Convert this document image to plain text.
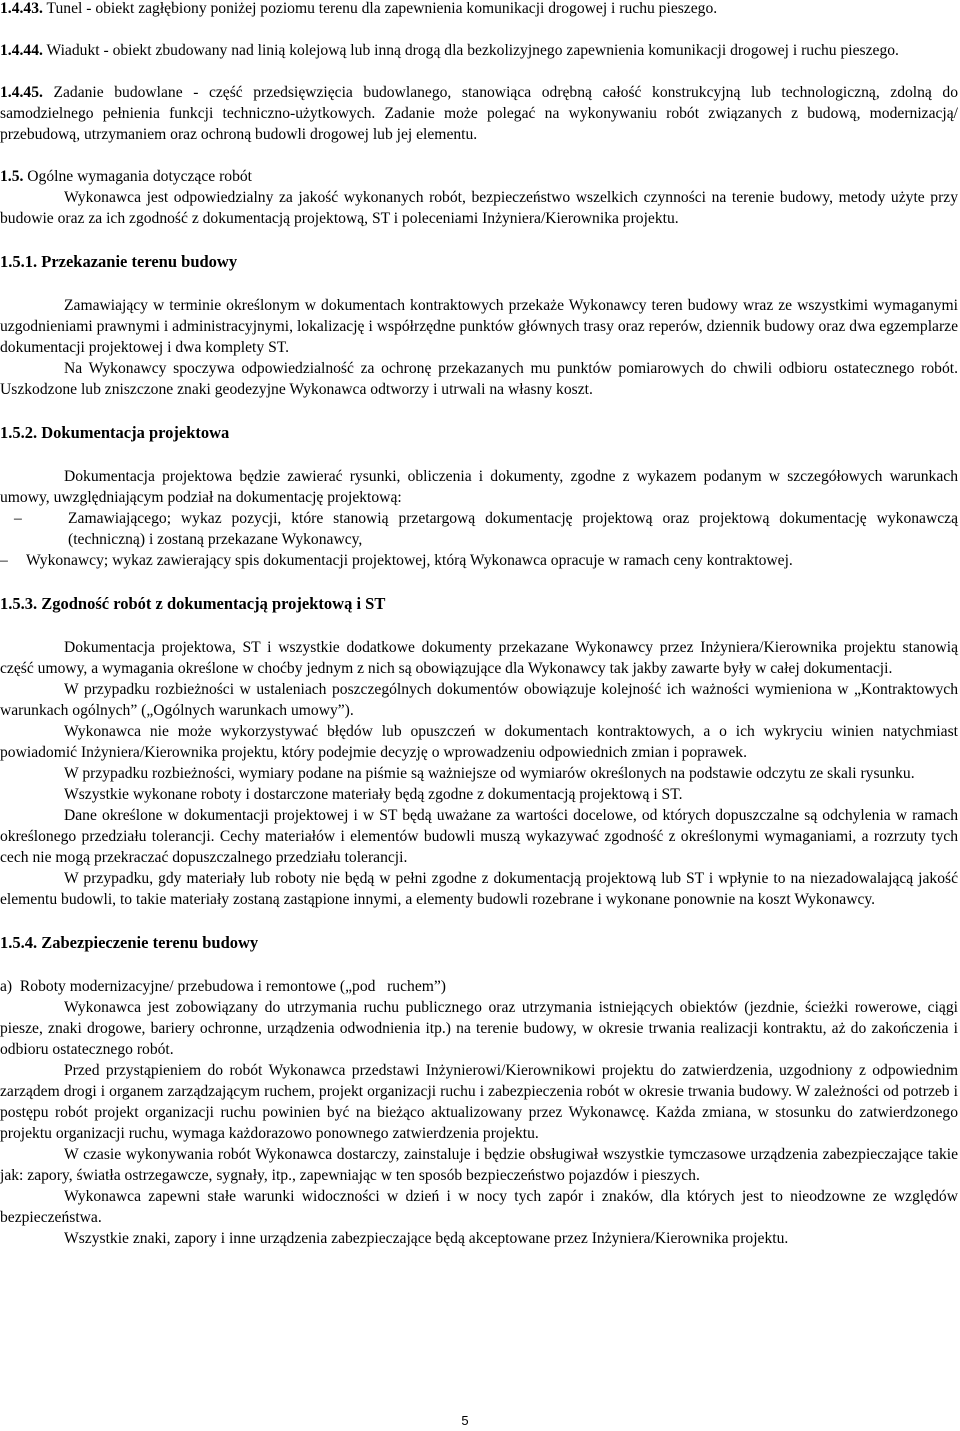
1.4.43. Tunel - obiekt zagłębiony poniżej poziomu terenu dla zapewnienia komunikacji drogowej i ruchu pieszego.

1.4.44. Wiadukt - obiekt zbudowany nad linią kolejową lub inną drogą dla bezkolizyjnego zapewnienia komunikacji drogowej i ruchu pieszego.

1.4.45. Zadanie budowlane - część przedsięwzięcia budowlanego, stanowiąca odrębną całość konstrukcyjną lub technologiczną, zdolną do samodzielnego pełnienia funkcji techniczno-użytkowych. Zadanie może polegać na wykonywaniu robót związanych z budową, modernizacją/ przebudową, utrzymaniem oraz ochroną budowli drogowej lub jej elementu.

1.5. Ogólne wymagania dotyczące robót

Wykonawca jest odpowiedzialny za jakość wykonanych robót, bezpieczeństwo wszelkich czynności na terenie budowy, metody użyte przy budowie oraz za ich zgodność z dokumentacją projektową, ST i poleceniami Inżyniera/Kierownika projektu.

1.5.1. Przekazanie terenu budowy

Zamawiający w terminie określonym w dokumentach kontraktowych przekaże Wykonawcy teren budowy wraz ze wszystkimi wymaganymi uzgodnieniami prawnymi i administracyjnymi, lokalizację i współrzędne punktów głównych trasy oraz reperów, dziennik budowy oraz dwa egzemplarze dokumentacji projektowej i dwa komplety ST.

Na Wykonawcy spoczywa odpowiedzialność za ochronę przekazanych mu punktów pomiarowych do chwili odbioru ostatecznego robót. Uszkodzone lub zniszczone znaki geodezyjne Wykonawca odtworzy i utrwali na własny koszt.

1.5.2. Dokumentacja projektowa

Dokumentacja projektowa będzie zawierać rysunki, obliczenia i dokumenty, zgodne z wykazem podanym w szczegółowych warunkach umowy, uwzględniającym podział na dokumentację projektową:

–	Zamawiającego; wykaz pozycji, które stanowią przetargową dokumentację projektową oraz projektową dokumentację wykonawczą (techniczną) i zostaną przekazane Wykonawcy,
– Wykonawcy; wykaz zawierający spis dokumentacji projektowej, którą Wykonawca opracuje w ramach ceny kontraktowej.
1.5.3. Zgodność robót z dokumentacją projektową i ST

Dokumentacja projektowa, ST i wszystkie dodatkowe dokumenty przekazane Wykonawcy przez Inżyniera/Kierownika projektu stanowią część umowy, a wymagania określone w choćby jednym z nich są obowiązujące dla Wykonawcy tak jakby zawarte były w całej dokumentacji.

W przypadku rozbieżności w ustaleniach poszczególnych dokumentów obowiązuje kolejność ich ważności wymieniona w „Kontraktowych warunkach ogólnych” („Ogólnych warunkach umowy”).

Wykonawca nie może wykorzystywać błędów lub opuszczeń w dokumentach kontraktowych, a o ich wykryciu winien natychmiast powiadomić Inżyniera/Kierownika projektu, który podejmie decyzję o wprowadzeniu odpowiednich zmian i poprawek.

W przypadku rozbieżności, wymiary podane na piśmie są ważniejsze od wymiarów określonych na podstawie odczytu ze skali rysunku.

Wszystkie wykonane roboty i dostarczone materiały będą zgodne z dokumentacją projektową i ST.

Dane określone w dokumentacji projektowej i w ST będą uważane za wartości docelowe, od których dopuszczalne są odchylenia w ramach określonego przedziału tolerancji. Cechy materiałów i elementów budowli muszą wykazywać zgodność z określonymi wymaganiami, a rozrzuty tych cech nie mogą przekraczać dopuszczalnego przedziału tolerancji.

W przypadku, gdy materiały lub roboty nie będą w pełni zgodne z dokumentacją projektową lub ST i wpłynie to na niezadowalającą jakość elementu budowli, to takie materiały zostaną zastąpione innymi, a elementy budowli rozebrane i wykonane ponownie na koszt Wykonawcy.

1.5.4. Zabezpieczenie terenu budowy

a)  Roboty modernizacyjne/ przebudowa i remontowe („pod   ruchem”)

Wykonawca jest zobowiązany do utrzymania ruchu publicznego oraz utrzymania istniejących obiektów (jezdnie, ścieżki rowerowe, ciągi piesze, znaki drogowe, bariery ochronne, urządzenia odwodnienia itp.) na terenie budowy, w okresie trwania realizacji kontraktu, aż do zakończenia i odbioru ostatecznego robót.

Przed przystąpieniem do robót Wykonawca przedstawi Inżynierowi/Kierownikowi projektu do zatwierdzenia, uzgodniony z odpowiednim zarządem drogi i organem zarządzającym ruchem, projekt organizacji ruchu i zabezpieczenia robót w okresie trwania budowy. W zależności od potrzeb i postępu robót projekt organizacji ruchu powinien być na bieżąco aktualizowany przez Wykonawcę. Każda zmiana, w stosunku do zatwierdzonego projektu organizacji ruchu, wymaga każdorazowo ponownego zatwierdzenia projektu.

W czasie wykonywania robót Wykonawca dostarczy, zainstaluje i będzie obsługiwał wszystkie tymczasowe urządzenia zabezpieczające takie jak: zapory, światła ostrzegawcze, sygnały, itp., zapewniając w ten sposób bezpieczeństwo pojazdów i pieszych.

Wykonawca zapewni stałe warunki widoczności w dzień i w nocy tych zapór i znaków, dla których jest to nieodzowne ze względów bezpieczeństwa.

Wszystkie znaki, zapory i inne urządzenia zabezpieczające będą akceptowane przez Inżyniera/Kierownika projektu.

5
